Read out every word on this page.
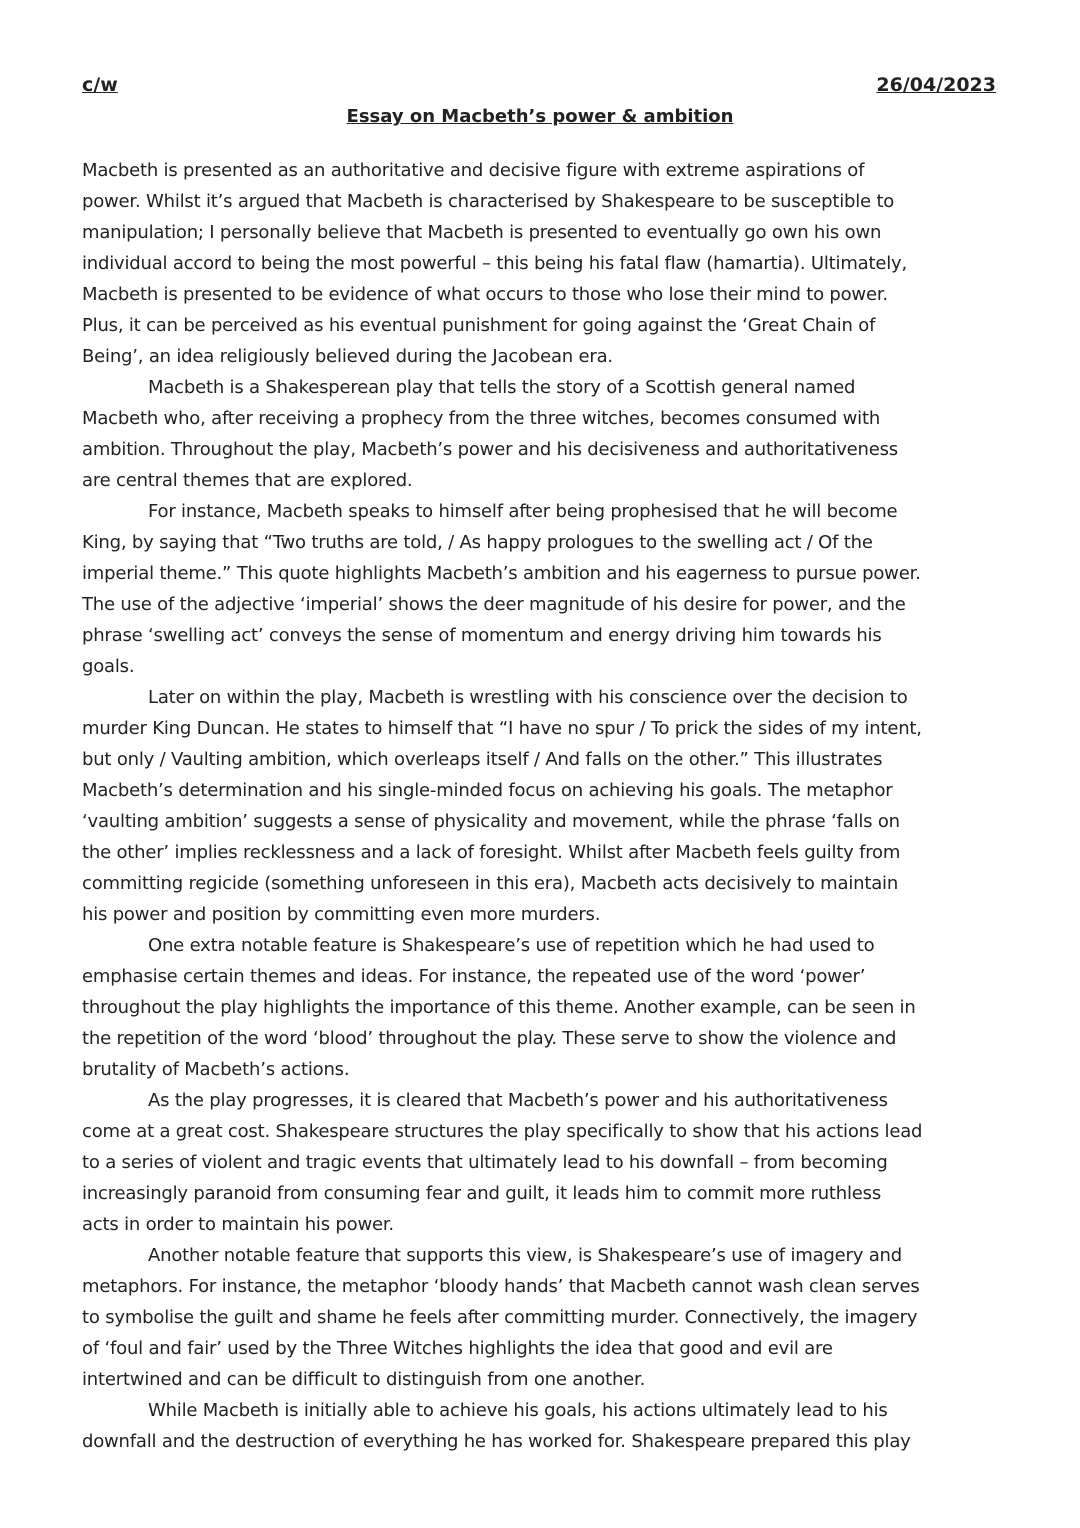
c/w	26/04/2023
Essay on Macbeth’s power & ambition
Macbeth is presented as an authoritative and decisive figure with extreme aspirations of
power. Whilst it’s argued that Macbeth is characterised by Shakespeare to be susceptible to
manipulation; I personally believe that Macbeth is presented to eventually go own his own
individual accord to being the most powerful – this being his fatal flaw (hamartia). Ultimately,
Macbeth is presented to be evidence of what occurs to those who lose their mind to power.
Plus, it can be perceived as his eventual punishment for going against the ‘Great Chain of
Being’, an idea religiously believed during the Jacobean era.
Macbeth is a Shakesperean play that tells the story of a Scottish general named
Macbeth who, after receiving a prophecy from the three witches, becomes consumed with
ambition. Throughout the play, Macbeth’s power and his decisiveness and authoritativeness
are central themes that are explored.
For instance, Macbeth speaks to himself after being prophesised that he will become
King, by saying that “Two truths are told, / As happy prologues to the swelling act / Of the
imperial theme.” This quote highlights Macbeth’s ambition and his eagerness to pursue power.
The use of the adjective ‘imperial’ shows the deer magnitude of his desire for power, and the
phrase ‘swelling act’ conveys the sense of momentum and energy driving him towards his
goals.
Later on within the play, Macbeth is wrestling with his conscience over the decision to
murder King Duncan. He states to himself that “I have no spur / To prick the sides of my intent,
but only / Vaulting ambition, which overleaps itself / And falls on the other.” This illustrates
Macbeth’s determination and his single-minded focus on achieving his goals. The metaphor
‘vaulting ambition’ suggests a sense of physicality and movement, while the phrase ‘falls on
the other’ implies recklessness and a lack of foresight. Whilst after Macbeth feels guilty from
committing regicide (something unforeseen in this era), Macbeth acts decisively to maintain
his power and position by committing even more murders.
One extra notable feature is Shakespeare’s use of repetition which he had used to
emphasise certain themes and ideas. For instance, the repeated use of the word ‘power’
throughout the play highlights the importance of this theme. Another example, can be seen in
the repetition of the word ‘blood’ throughout the play. These serve to show the violence and
brutality of Macbeth’s actions.
As the play progresses, it is cleared that Macbeth’s power and his authoritativeness
come at a great cost. Shakespeare structures the play specifically to show that his actions lead
to a series of violent and tragic events that ultimately lead to his downfall – from becoming
increasingly paranoid from consuming fear and guilt, it leads him to commit more ruthless
acts in order to maintain his power.
Another notable feature that supports this view, is Shakespeare’s use of imagery and
metaphors. For instance, the metaphor ‘bloody hands’ that Macbeth cannot wash clean serves
to symbolise the guilt and shame he feels after committing murder. Connectively, the imagery
of ‘foul and fair’ used by the Three Witches highlights the idea that good and evil are
intertwined and can be difficult to distinguish from one another.
While Macbeth is initially able to achieve his goals, his actions ultimately lead to his
downfall and the destruction of everything he has worked for. Shakespeare prepared this play
